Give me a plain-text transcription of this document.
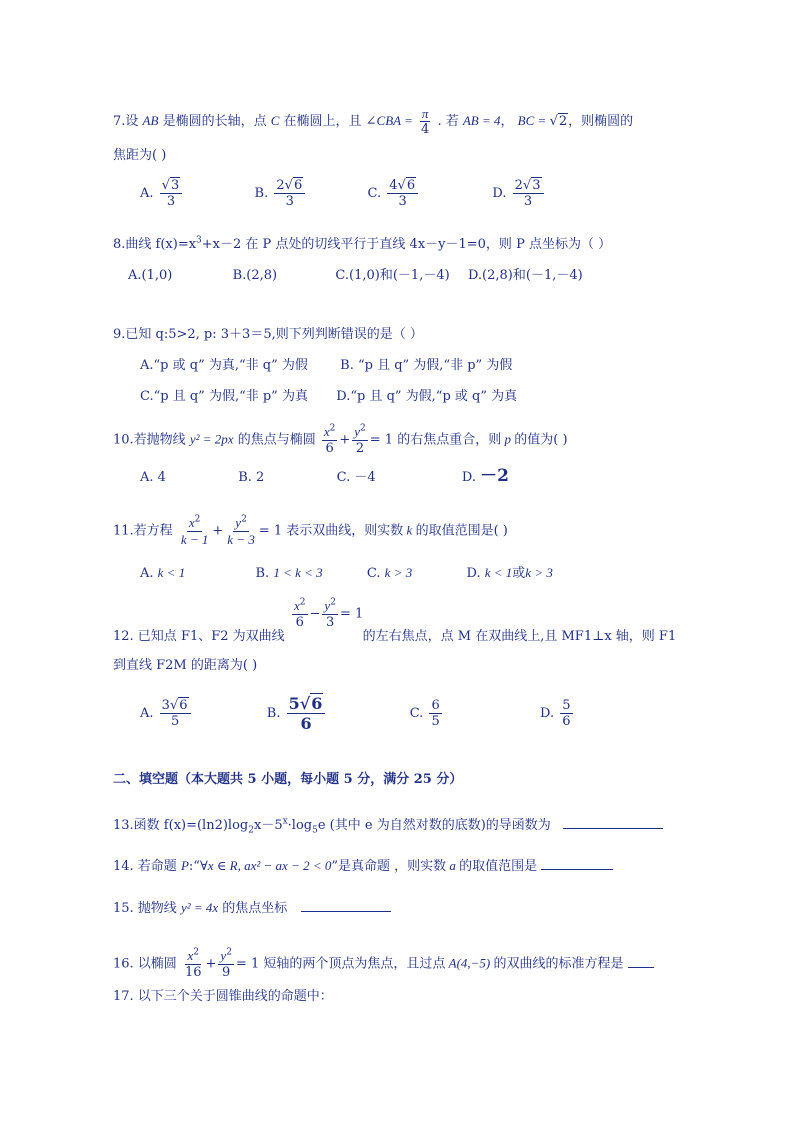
7.设 AB 是椭圆的长轴，点 C 在椭圆上，且 ∠CBA = $\frac{\pi}{4}$ . 若 AB = 4， BC = √2，则椭圆的
焦距为( )
A. $\frac{√3}{3}$	B. $\frac{2√6}{3}$	C. $\frac{4√6}{3}$	D. $\frac{2√3}{3}$
8.曲线 $f(x)=x^3+x-2$ 在 P 点处的切线平行于直线 4x－y－1=0，则 P 点坐标为（ ）
A.(1,0)	B.(2,8)	C.(1,0)和(－1,－4) D.(2,8)和(－1,－4)
9.已知 q:5>2, p: 3＋3＝5,则下列判断错误的是（ ）
A.“p 或 q” 为真,“非 q” 为假 B. “p 且 q” 为假,“非 p” 为假
C.“p 且 q” 为假,“非 p” 为真 D.“p 且 q” 为假,“p 或 q” 为真
10.若抛物线 y² = 2px 的焦点与椭圆 $\frac{x^2}{6} + \frac{y^2}{2} = 1$ 的右焦点重合，则 p 的值为( )
A. 4	B. 2	C. －4	D. －2
11.若方程 $\frac{x^2}{k - 1} + \frac{y^2}{k - 3} = 1$ 表示双曲线，则实数 k 的取值范围是( )
A. k < 1	B. 1 < k < 3	C. k > 3	D. k < 1或k > 3
$\frac{x^2}{6} - \frac{y^2}{3} = 1$
12. 已知点 F1、F2 为双曲线	的左右焦点，点 M 在双曲线上,且 MF1⊥x 轴，则 F1
到直线 F2M 的距离为( )
A. $\frac{3√6}{5}$	B. $\frac{5√6}{6}$	C. $\frac{6}{5}$	D. $\frac{5}{6}$
二、填空题（本大题共 5 小题，每小题 5 分，满分 25 分）
13.函数 $f(x)=(\ln 2)\log_2x-5^x\cdot\log_5e$ (其中 e 为自然对数的底数)的导函数为
14. 若命题 P:“∀x ∈ R, ax² − ax − 2 < 0”是真命题 ，则实数 a 的取值范围是
15. 抛物线 y² = 4x 的焦点坐标
16. 以椭圆 $\frac{x^2}{16} + \frac{y^2}{9} = 1$ 短轴的两个顶点为焦点，且过点 A(4,−5) 的双曲线的标准方程是
17. 以下三个关于圆锥曲线的命题中：
